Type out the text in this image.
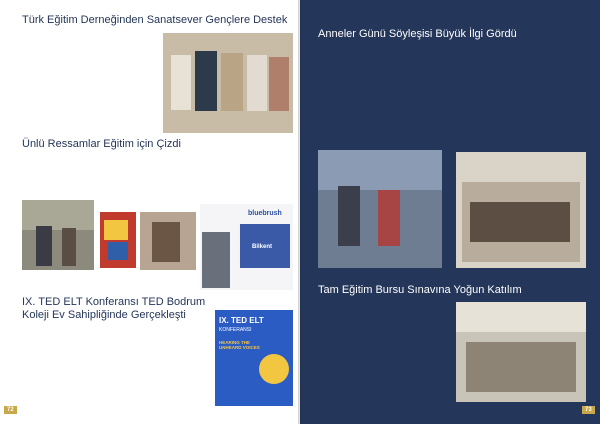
Türk Eğitim Derneğinden Sanatsever Gençlere Destek
Ünlü Ressamlar Eğitim için Çizdi
bluebrush
Bilkent
IX. TED ELT Konferansı TED Bodrum Koleji Ev Sahipliğinde Gerçekleşti	IX. TED ELT
KONFERANSI
HEARING THE UNHEARD VOICES
72
Anneler Günü Söyleşisi Büyük İlgi Gördü
Tam Eğitim Bursu Sınavına Yoğun Katılım
73
